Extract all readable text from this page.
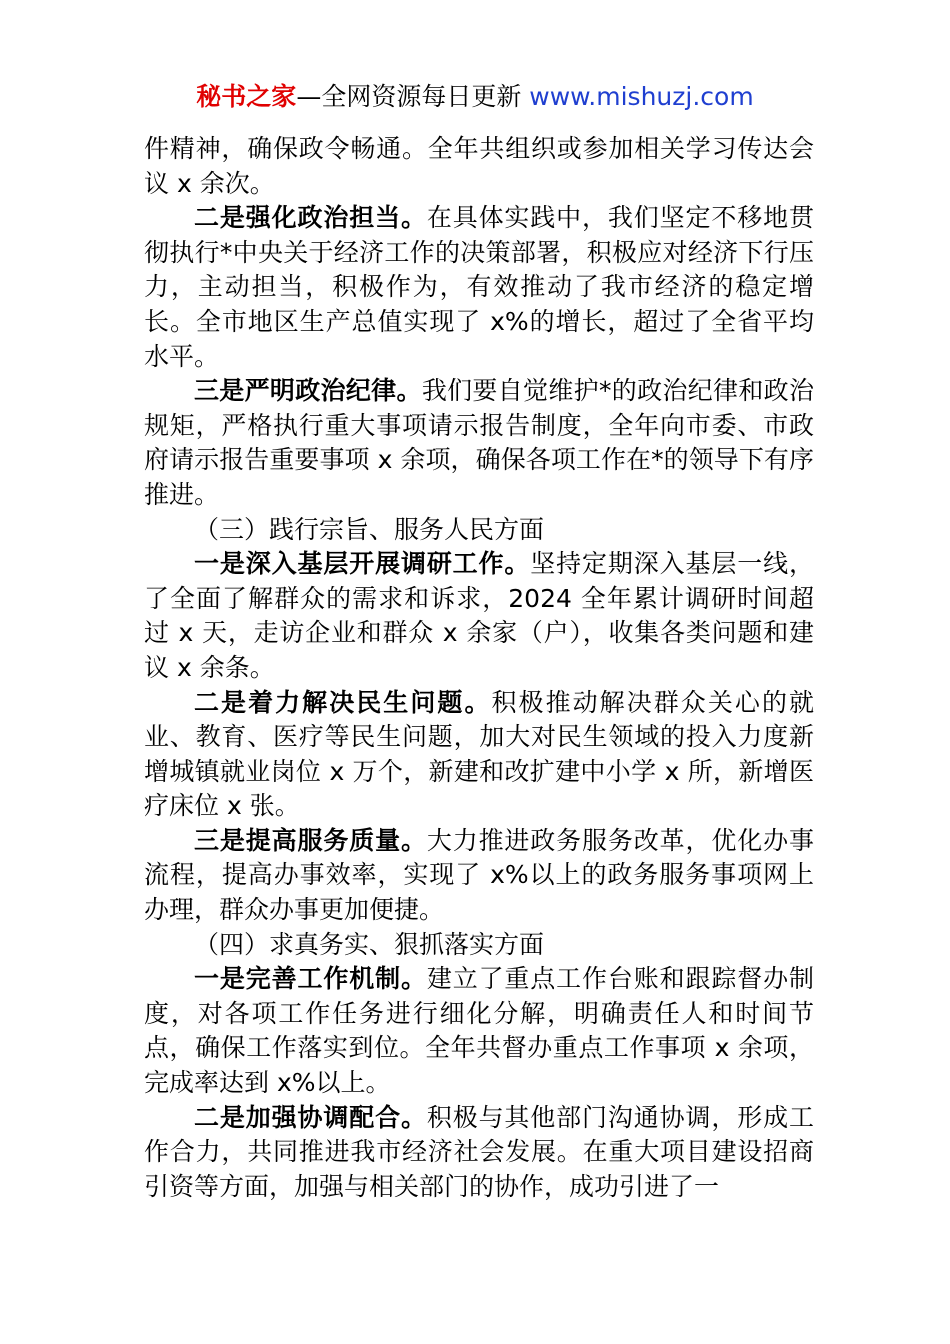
秘书之家—全网资源每日更新 www.mishuzj.com

件精神，确保政令畅通。全年共组织或参加相关学习传达会议 x 余次。

二是强化政治担当。在具体实践中，我们坚定不移地贯彻执行*中央关于经济工作的决策部署，积极应对经济下行压力，主动担当，积极作为，有效推动了我市经济的稳定增长。全市地区生产总值实现了 x%的增长，超过了全省平均水平。

三是严明政治纪律。我们要自觉维护*的政治纪律和政治规矩，严格执行重大事项请示报告制度，全年向市委、市政府请示报告重要事项 x 余项，确保各项工作在*的领导下有序推进。

（三）践行宗旨、服务人民方面

一是深入基层开展调研工作。坚持定期深入基层一线，了全面了解群众的需求和诉求，2024 全年累计调研时间超过 x 天，走访企业和群众 x 余家（户），收集各类问题和建议 x 余条。

二是着力解决民生问题。积极推动解决群众关心的就业、教育、医疗等民生问题，加大对民生领域的投入力度新增城镇就业岗位 x 万个，新建和改扩建中小学 x 所，新增医疗床位 x 张。

三是提高服务质量。大力推进政务服务改革，优化办事流程，提高办事效率，实现了 x%以上的政务服务事项网上办理，群众办事更加便捷。

（四）求真务实、狠抓落实方面

一是完善工作机制。建立了重点工作台账和跟踪督办制度，对各项工作任务进行细化分解，明确责任人和时间节点，确保工作落实到位。全年共督办重点工作事项 x 余项，完成率达到 x%以上。

二是加强协调配合。积极与其他部门沟通协调，形成工作合力，共同推进我市经济社会发展。在重大项目建设招商引资等方面，加强与相关部门的协作，成功引进了一
